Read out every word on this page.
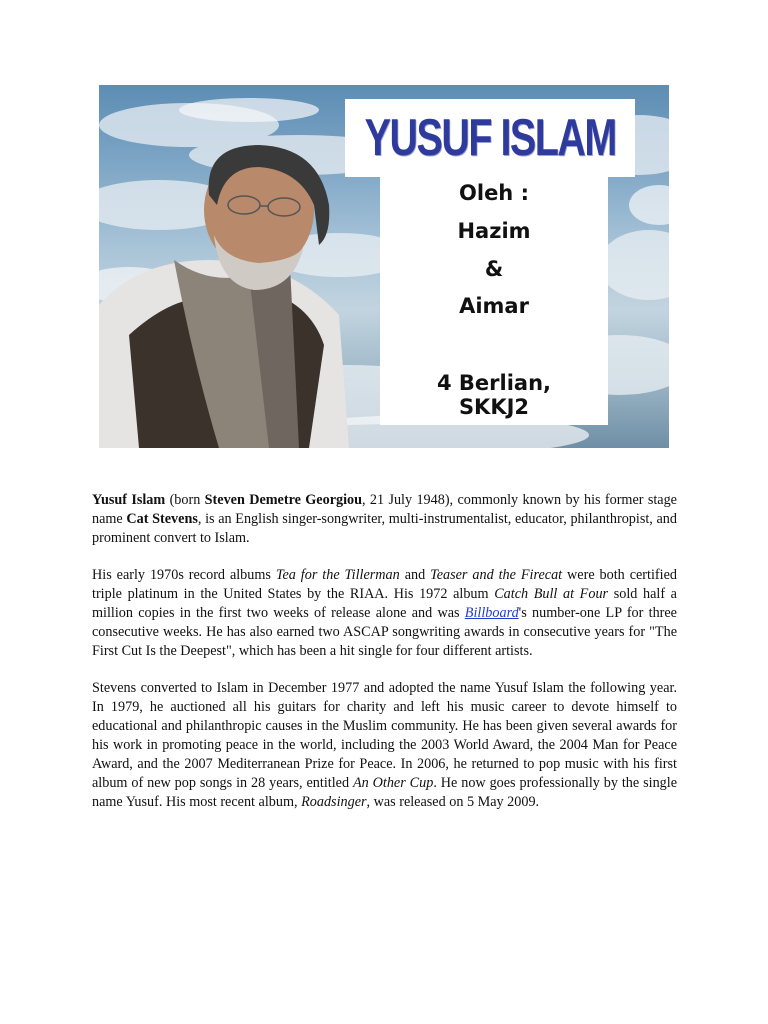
YUSUF ISLAM
Oleh :
Hazim
&
Aimar
4 Berlian,
SKKJ2

Yusuf Islam (born Steven Demetre Georgiou, 21 July 1948), commonly known by his former stage name Cat Stevens, is an English singer-songwriter, multi-instrumentalist, educator, philanthropist, and prominent convert to Islam.

His early 1970s record albums Tea for the Tillerman and Teaser and the Firecat were both certified triple platinum in the United States by the RIAA. His 1972 album Catch Bull at Four sold half a million copies in the first two weeks of release alone and was Billboard's number-one LP for three consecutive weeks. He has also earned two ASCAP songwriting awards in consecutive years for "The First Cut Is the Deepest", which has been a hit single for four different artists.

Stevens converted to Islam in December 1977 and adopted the name Yusuf Islam the following year. In 1979, he auctioned all his guitars for charity and left his music career to devote himself to educational and philanthropic causes in the Muslim community. He has been given several awards for his work in promoting peace in the world, including the 2003 World Award, the 2004 Man for Peace Award, and the 2007 Mediterranean Prize for Peace. In 2006, he returned to pop music with his first album of new pop songs in 28 years, entitled An Other Cup. He now goes professionally by the single name Yusuf. His most recent album, Roadsinger, was released on 5 May 2009.
